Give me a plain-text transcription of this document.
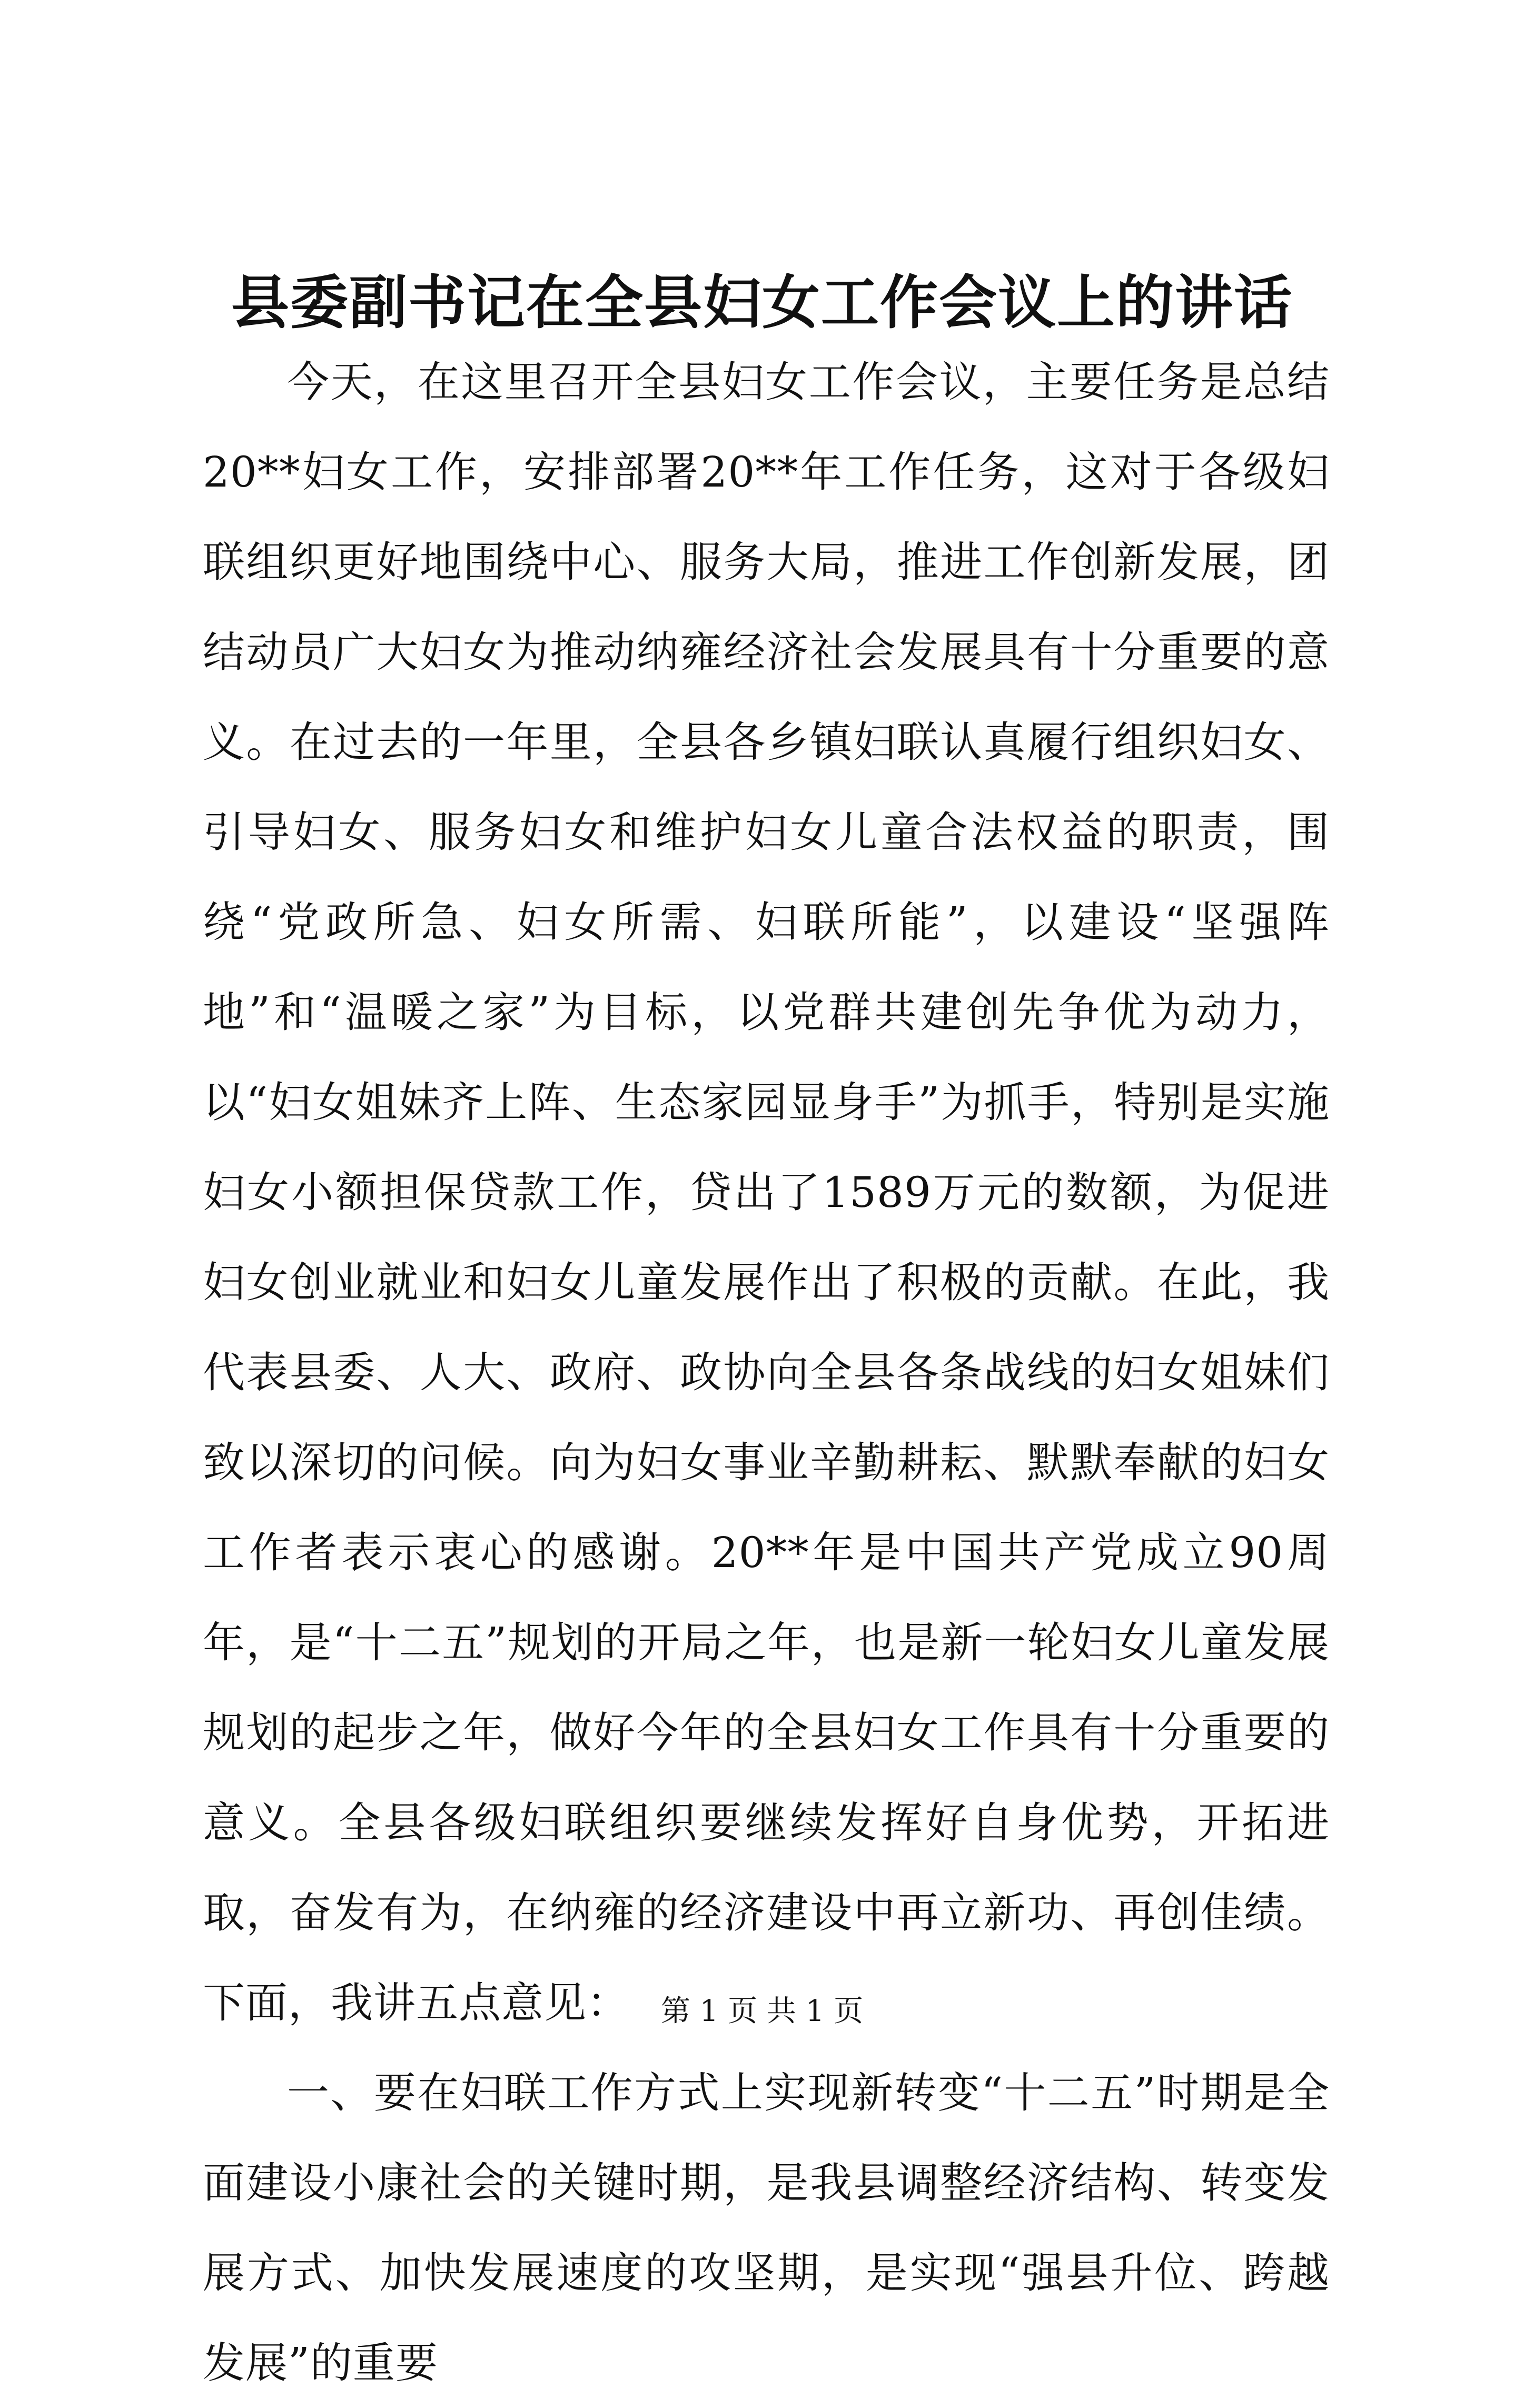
县委副书记在全县妇女工作会议上的讲话

今天，在这里召开全县妇女工作会议，主要任务是总结20**妇女工作，安排部署20**年工作任务，这对于各级妇联组织更好地围绕中心、服务大局，推进工作创新发展，团结动员广大妇女为推动纳雍经济社会发展具有十分重要的意义。在过去的一年里，全县各乡镇妇联认真履行组织妇女、引导妇女、服务妇女和维护妇女儿童合法权益的职责，围绕“党政所急、妇女所需、妇联所能”，以建设“坚强阵地”和“温暖之家”为目标，以党群共建创先争优为动力，以“妇女姐妹齐上阵、生态家园显身手”为抓手，特别是实施妇女小额担保贷款工作，贷出了1589万元的数额，为促进妇女创业就业和妇女儿童发展作出了积极的贡献。在此，我代表县委、人大、政府、政协向全县各条战线的妇女姐妹们致以深切的问候。向为妇女事业辛勤耕耘、默默奉献的妇女工作者表示衷心的感谢。20**年是中国共产党成立90周年，是“十二五”规划的开局之年，也是新一轮妇女儿童发展规划的起步之年，做好今年的全县妇女工作具有十分重要的意义。全县各级妇联组织要继续发挥好自身优势，开拓进取，奋发有为，在纳雍的经济建设中再立新功、再创佳绩。下面，我讲五点意见：

一、要在妇联工作方式上实现新转变“十二五”时期是全面建设小康社会的关键时期，是我县调整经济结构、转变发展方式、加快发展速度的攻坚期，是实现“强县升位、跨越发展”的重要

第 1 页 共 1 页
